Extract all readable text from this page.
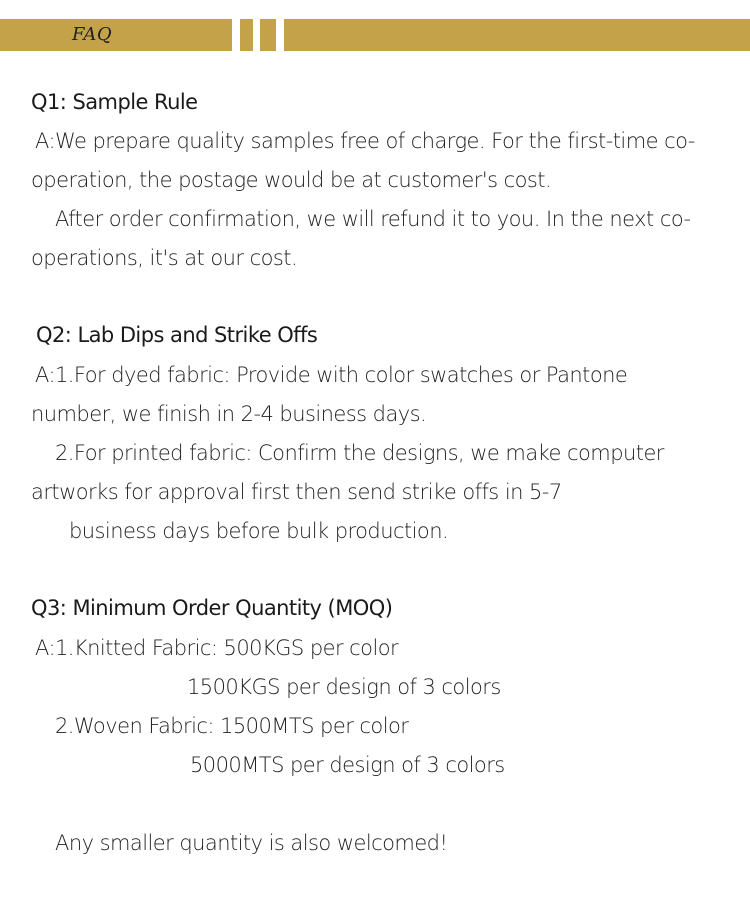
FAQ
Q1: Sample Rule
A:We prepare quality samples free of charge. For the first-time co-
operation, the postage would be at customer's cost.
After order confirmation, we will refund it to you. In the next co-
operations, it's at our cost.
Q2: Lab Dips and Strike Offs
A:1.For dyed fabric: Provide with color swatches or Pantone
number, we finish in 2-4 business days.
2.For printed fabric: Confirm the designs, we make computer
artworks for approval first then send strike offs in 5-7
business days before bulk production.
Q3: Minimum Order Quantity (MOQ)
A:1.Knitted Fabric: 500KGS per color
1500KGS per design of 3 colors
2.Woven Fabric: 1500MTS per color
5000MTS per design of 3 colors
Any smaller quantity is also welcomed!
